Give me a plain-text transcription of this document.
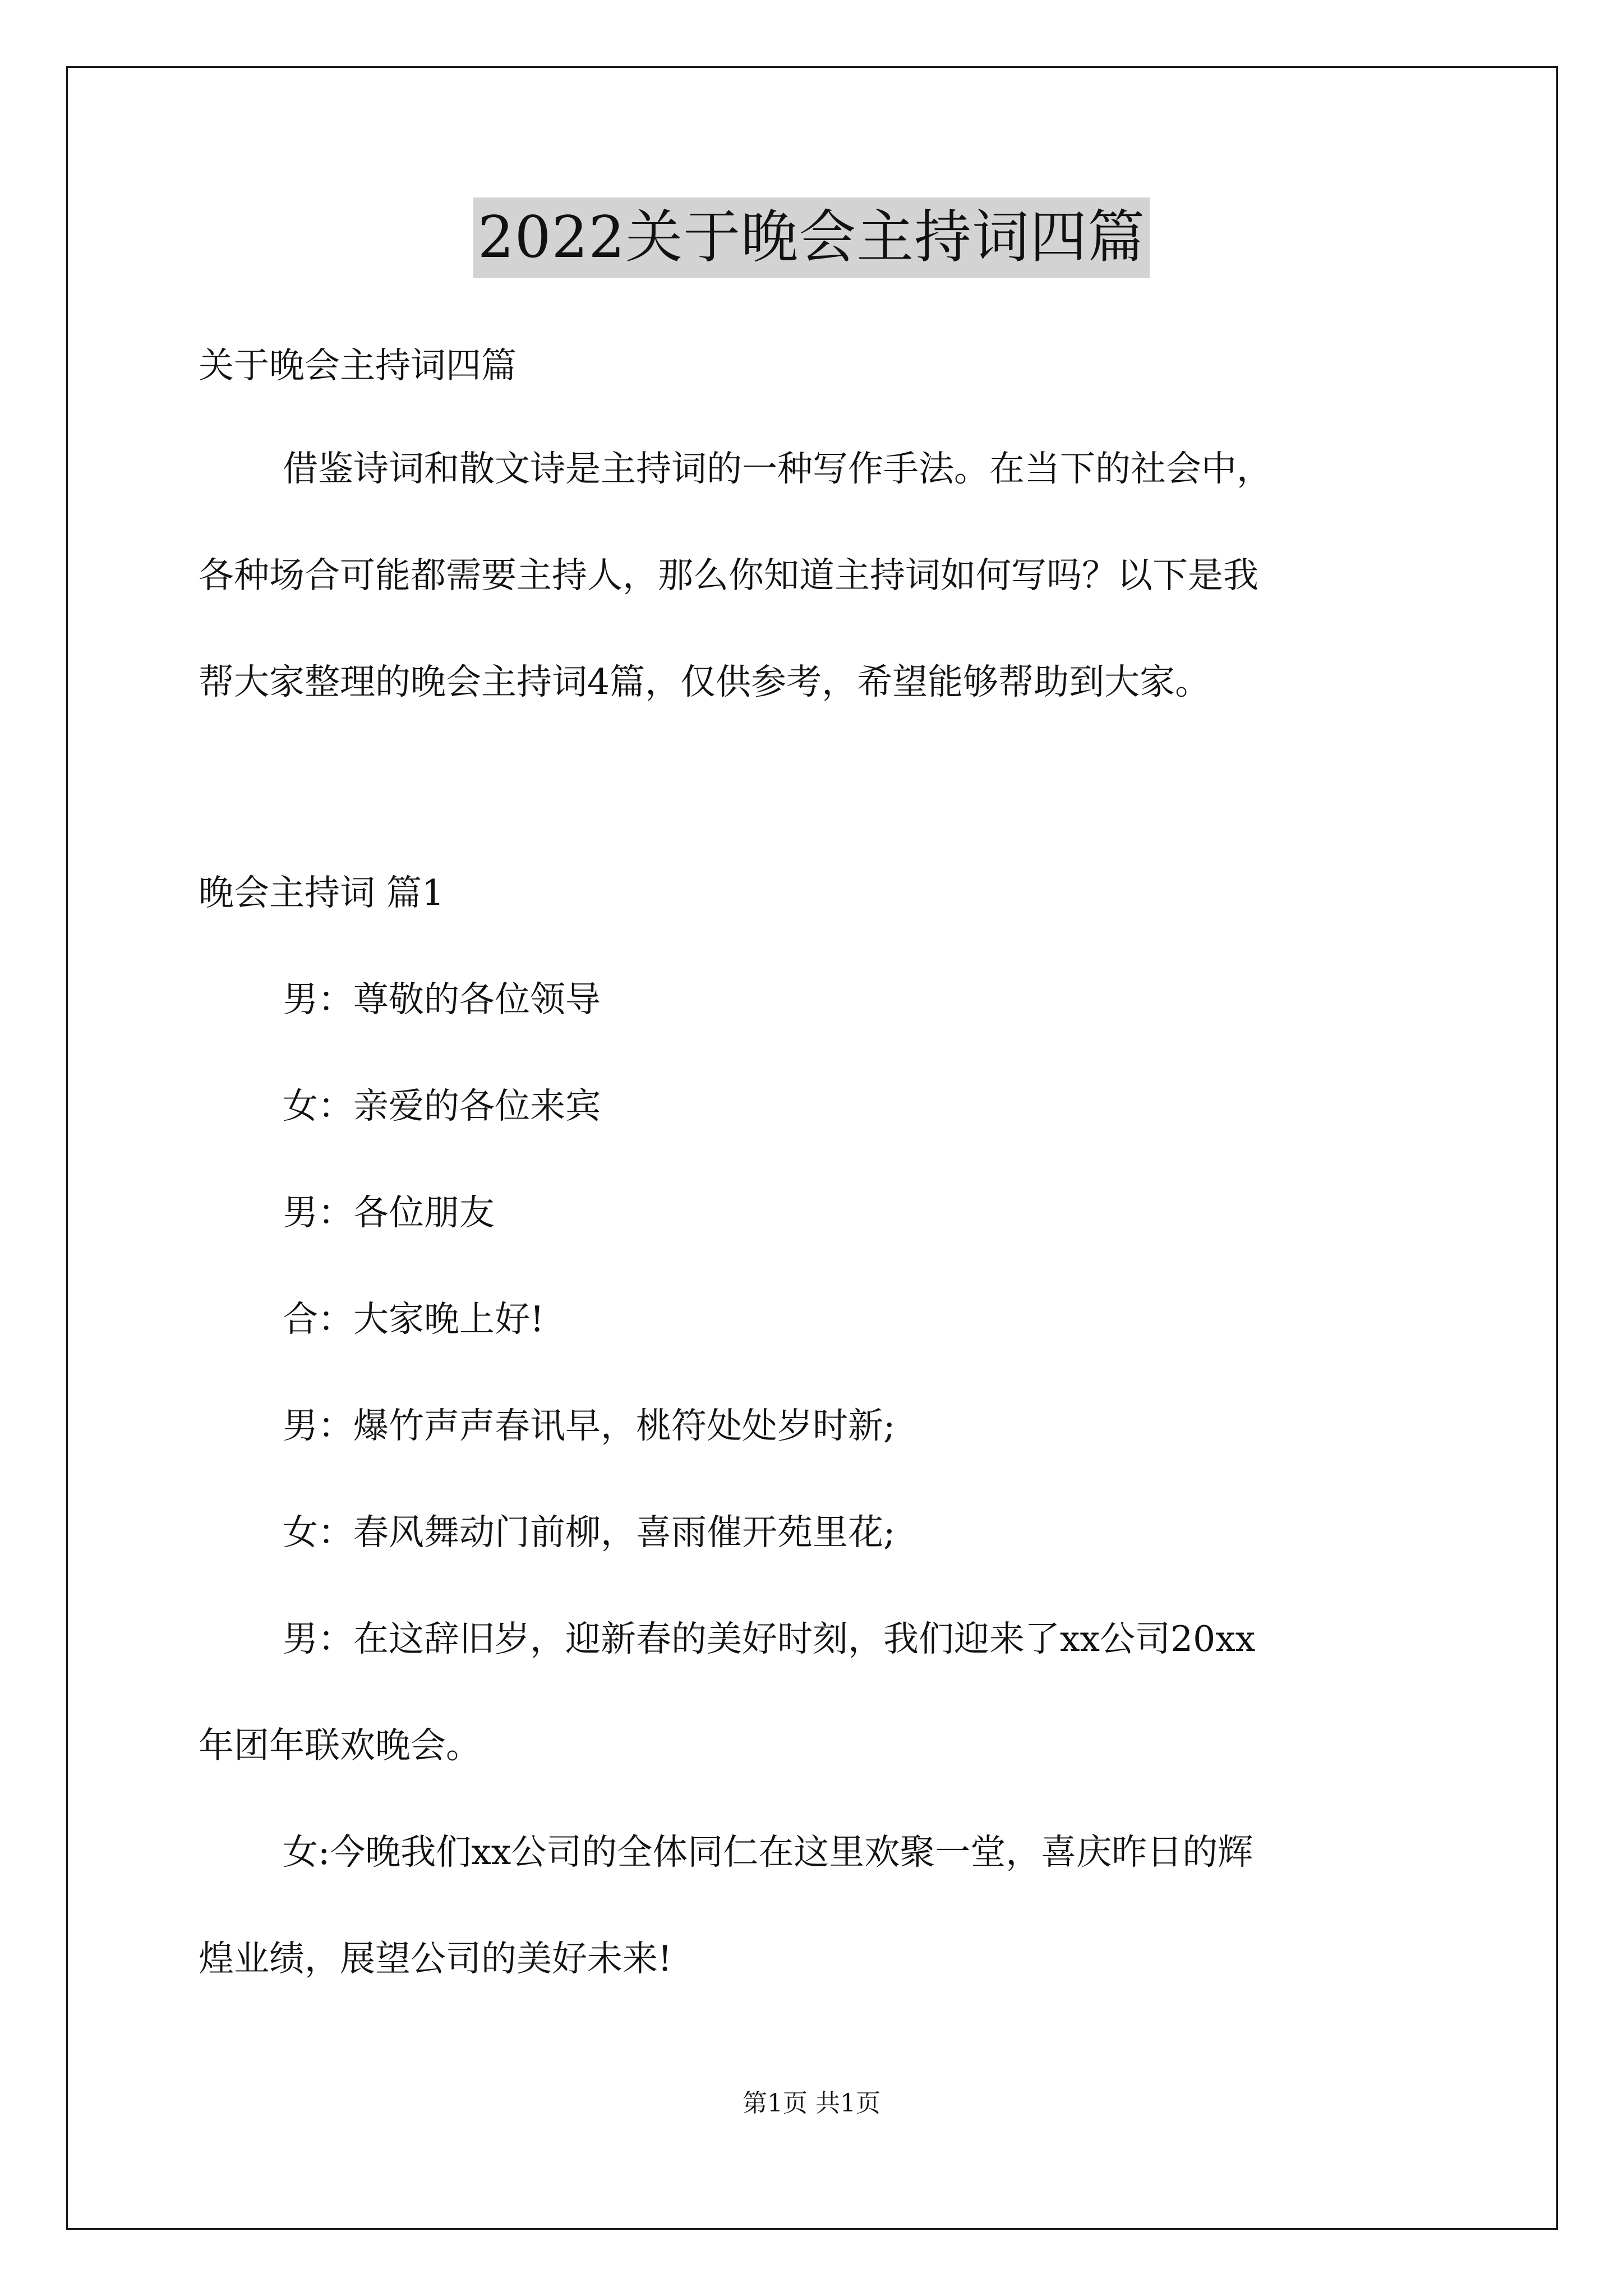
2022关于晚会主持词四篇

关于晚会主持词四篇

借鉴诗词和散文诗是主持词的一种写作手法。在当下的社会中，

各种场合可能都需要主持人，那么你知道主持词如何写吗？以下是我

帮大家整理的晚会主持词4篇，仅供参考，希望能够帮助到大家。

晚会主持词 篇1

男：尊敬的各位领导

女：亲爱的各位来宾

男：各位朋友

合：大家晚上好!

男：爆竹声声春讯早，桃符处处岁时新;

女：春风舞动门前柳，喜雨催开苑里花;

男：在这辞旧岁，迎新春的美好时刻，我们迎来了xx公司20xx

年团年联欢晚会。

女:今晚我们xx公司的全体同仁在这里欢聚一堂，喜庆昨日的辉

煌业绩，展望公司的美好未来!

第1页 共1页
